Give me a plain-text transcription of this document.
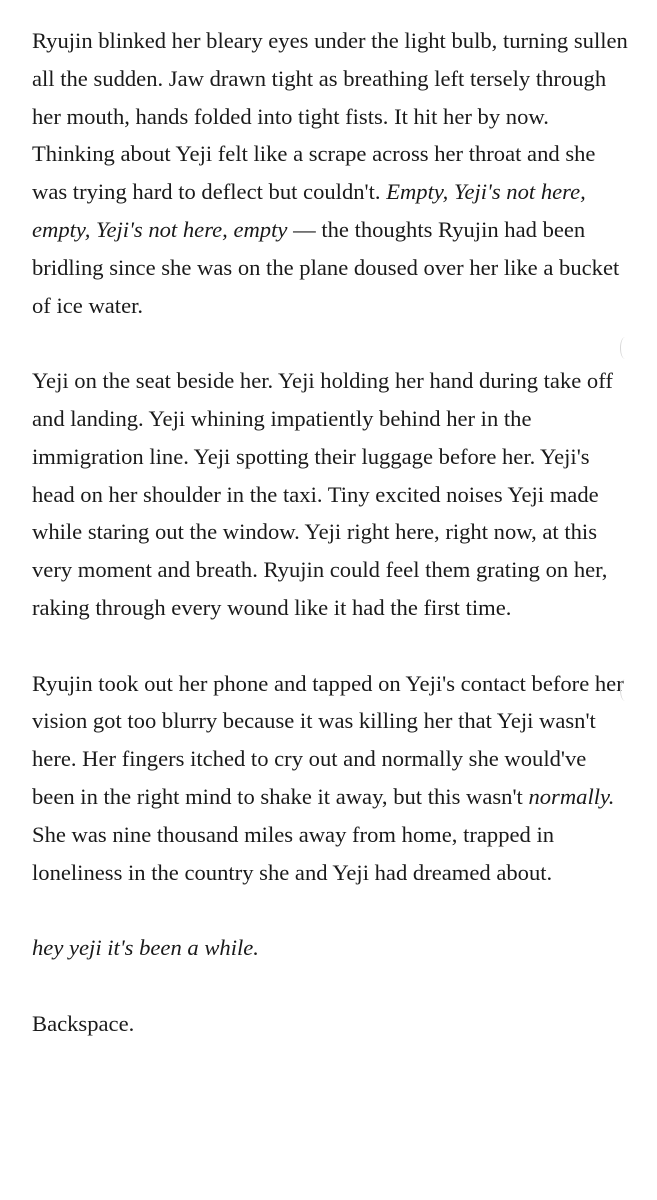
Ryujin blinked her bleary eyes under the light bulb, turning sullen all the sudden. Jaw drawn tight as breathing left tersely through her mouth, hands folded into tight fists. It hit her by now. Thinking about Yeji felt like a scrape across her throat and she was trying hard to deflect but couldn't. Empty, Yeji's not here, empty, Yeji's not here, empty — the thoughts Ryujin had been bridling since she was on the plane doused over her like a bucket of ice water.

Yeji on the seat beside her. Yeji holding her hand during take off and landing. Yeji whining impatiently behind her in the immigration line. Yeji spotting their luggage before her. Yeji's head on her shoulder in the taxi. Tiny excited noises Yeji made while staring out the window. Yeji right here, right now, at this very moment and breath. Ryujin could feel them grating on her, raking through every wound like it had the first time.

Ryujin took out her phone and tapped on Yeji's contact before her vision got too blurry because it was killing her that Yeji wasn't here. Her fingers itched to cry out and normally she would've been in the right mind to shake it away, but this wasn't normally. She was nine thousand miles away from home, trapped in loneliness in the country she and Yeji had dreamed about.

hey yeji it's been a while.

Backspace.
